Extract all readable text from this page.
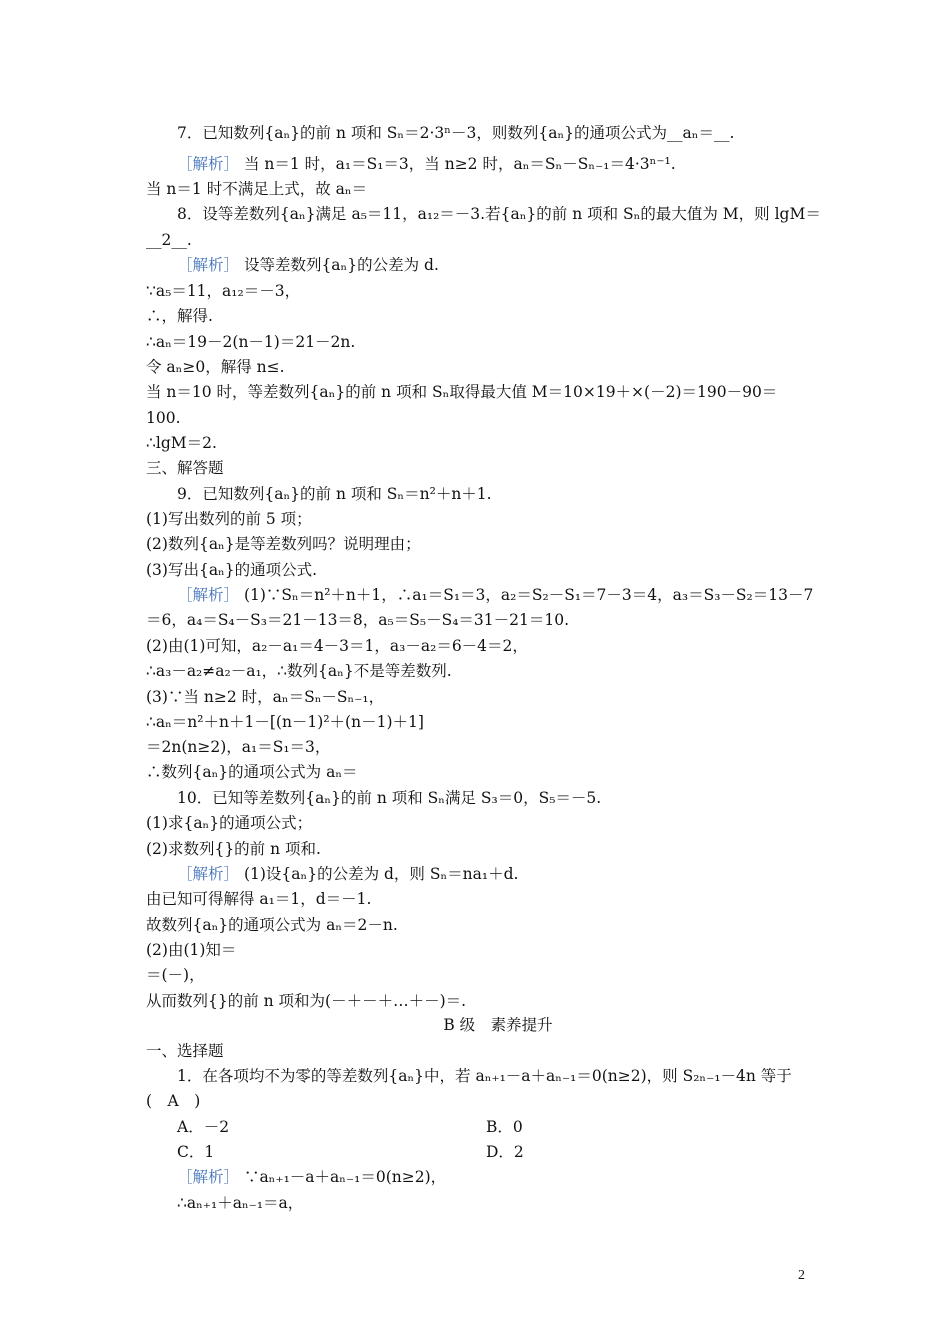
7．已知数列{aₙ}的前 n 项和 Sₙ＝2·3ⁿ－3，则数列{aₙ}的通项公式为__aₙ＝__.
［解析］ 当 n＝1 时，a₁＝S₁＝3，当 n≥2 时，aₙ＝Sₙ－Sₙ₋₁＝4·3ⁿ⁻¹.
当 n＝1 时不满足上式，故 aₙ＝
8．设等差数列{aₙ}满足 a₅＝11，a₁₂＝－3.若{aₙ}的前 n 项和 Sₙ的最大值为 M，则 lgM＝
__2__.
［解析］ 设等差数列{aₙ}的公差为 d.
∵a₅＝11，a₁₂＝－3，
∴，解得.
∴aₙ＝19－2(n－1)＝21－2n.
令 aₙ≥0，解得 n≤.
当 n＝10 时，等差数列{aₙ}的前 n 项和 Sₙ取得最大值 M＝10×19＋×(－2)＝190－90＝
100.
∴lgM＝2.
三、解答题
9．已知数列{aₙ}的前 n 项和 Sₙ＝n²＋n＋1.
(1)写出数列的前 5 项；
(2)数列{aₙ}是等差数列吗？说明理由；
(3)写出{aₙ}的通项公式.
［解析］ (1)∵Sₙ＝n²＋n＋1，∴a₁＝S₁＝3，a₂＝S₂－S₁＝7－3＝4，a₃＝S₃－S₂＝13－7
＝6，a₄＝S₄－S₃＝21－13＝8，a₅＝S₅－S₄＝31－21＝10.
(2)由(1)可知，a₂－a₁＝4－3＝1，a₃－a₂＝6－4＝2，
∴a₃－a₂≠a₂－a₁，∴数列{aₙ}不是等差数列.
(3)∵当 n≥2 时，aₙ＝Sₙ－Sₙ₋₁，
∴aₙ＝n²＋n＋1－[(n－1)²＋(n－1)＋1]
＝2n(n≥2)，a₁＝S₁＝3，
∴数列{aₙ}的通项公式为 aₙ＝
10．已知等差数列{aₙ}的前 n 项和 Sₙ满足 S₃＝0，S₅＝－5.
(1)求{aₙ}的通项公式；
(2)求数列{}的前 n 项和.
［解析］ (1)设{aₙ}的公差为 d，则 Sₙ＝na₁＋d.
由已知可得解得 a₁＝1，d＝－1.
故数列{aₙ}的通项公式为 aₙ＝2－n.
(2)由(1)知＝
＝(－)，
从而数列{}的前 n 项和为(－＋－＋…＋－)＝.
B 级　素养提升
一、选择题
1．在各项均不为零的等差数列{aₙ}中，若 aₙ₊₁－a＋aₙ₋₁＝0(n≥2)，则 S₂ₙ₋₁－4n 等于
(　A　)
A．－2	B．0
C．1	D．2
［解析］ ∵aₙ₊₁－a＋aₙ₋₁＝0(n≥2)，
∴aₙ₊₁＋aₙ₋₁＝a，
2
